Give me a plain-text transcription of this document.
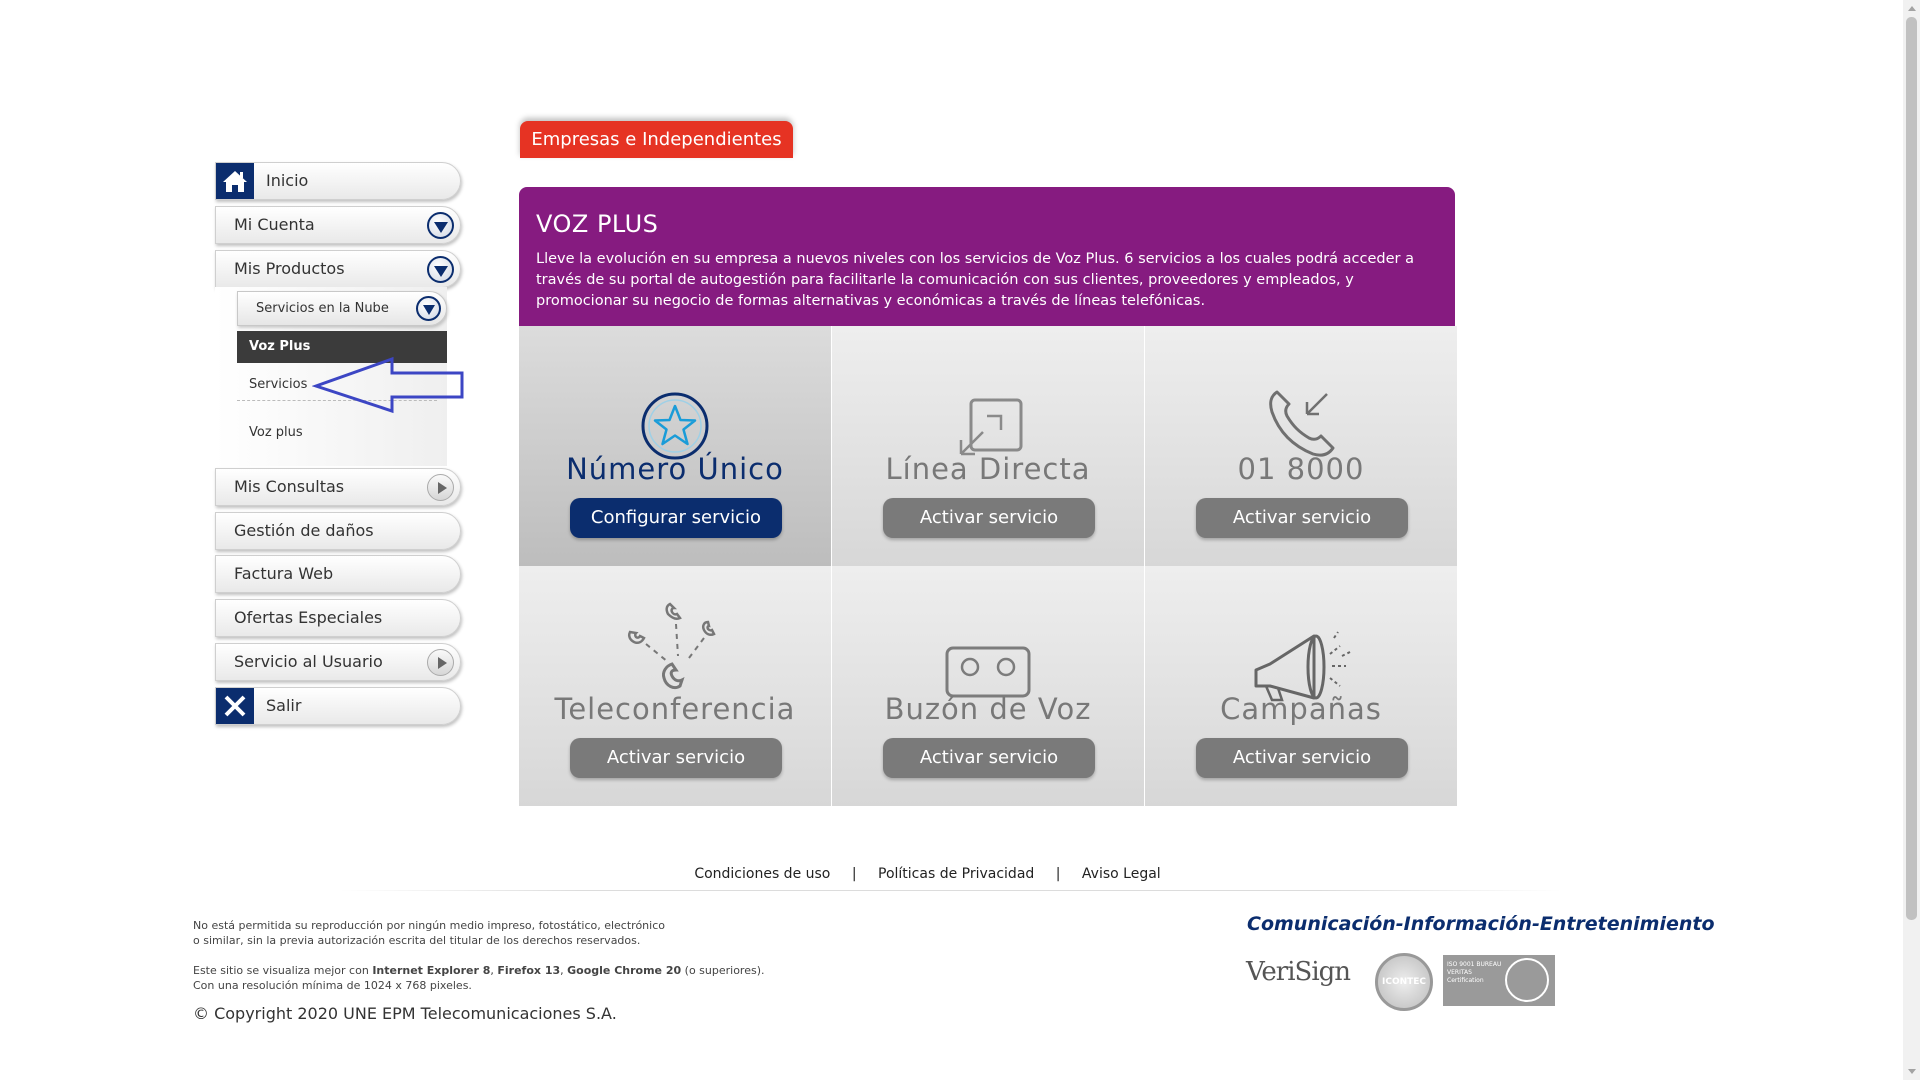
Empresas e Independientes
Inicio
Mi Cuenta
Mis Productos
Servicios en la Nube
Voz Plus
Servicios
Voz plus
Mis Consultas
Gestión de daños
Factura Web
Ofertas Especiales
Servicio al Usuario
Salir
VOZ PLUS
Lleve la evolución en su empresa a nuevos niveles con los servicios de Voz Plus. 6 servicios a los cuales podrá acceder a través de su portal de autogestión para facilitarle la comunicación con sus clientes, proveedores y empleados, y promocionar su negocio de formas alternativas y económicas a través de líneas telefónicas.
Número Único
Configurar servicio
Línea Directa
Activar servicio
01 8000
Activar servicio
Teleconferencia
Activar servicio
Buzón de Voz
Activar servicio
Campañas
Activar servicio
Condiciones de uso | Políticas de Privacidad | Aviso Legal
No está permitida su reproducción por ningún medio impreso, fotostático, electrónico
o similar, sin la previa autorización escrita del titular de los derechos reservados.
Este sitio se visualiza mejor con Internet Explorer 8, Firefox 13, Google Chrome 20 (o superiores).
Con una resolución mínima de 1024 x 768 pixeles.
© Copyright 2020 UNE EPM Telecomunicaciones S.A.
Comunicación-Información-Entretenimiento
VeriSign	ICONTEC
ISO 9001 BUREAU VERITAS Certification
